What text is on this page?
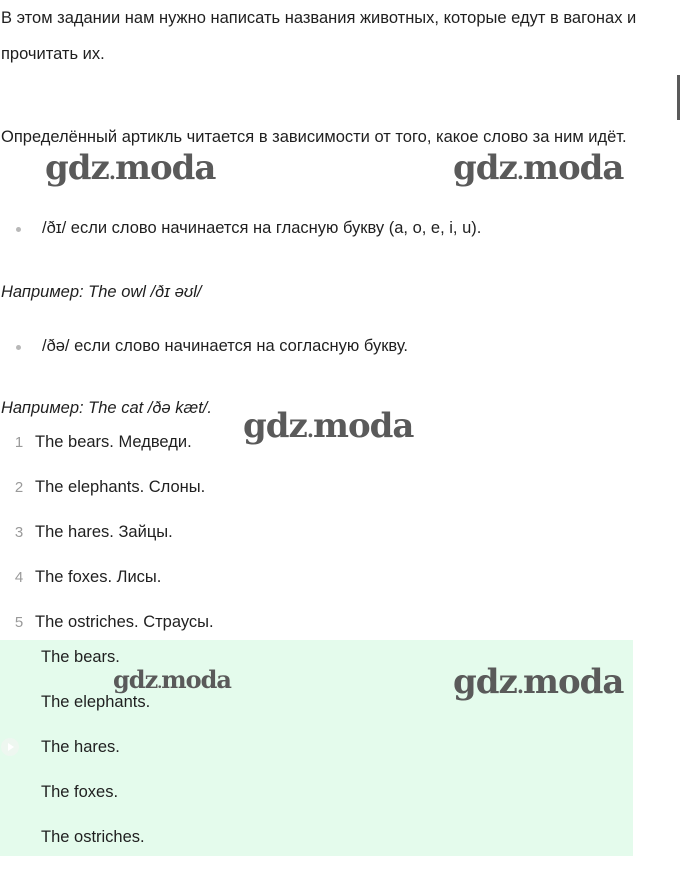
В этом задании нам нужно написать названия животных, которые едут в вагонах и прочитать их.
Определённый артикль читается в зависимости от того, какое слово за ним идёт.
/ðɪ/ если слово начинается на гласную букву (a, o, e, i, u).
Например: The owl /ðɪ əʊl/
/ðə/ если слово начинается на согласную букву.
Например: The cat /ðə kæt/.
1 The bears. Медведи.
2 The elephants. Слоны.
3 The hares. Зайцы.
4 The foxes. Лисы.
5 The ostriches. Страусы.
The bears.
The elephants.
The hares.
The foxes.
The ostriches.
gdz.moda	gdz.moda
gdz.moda
gdz.moda	gdz.moda
